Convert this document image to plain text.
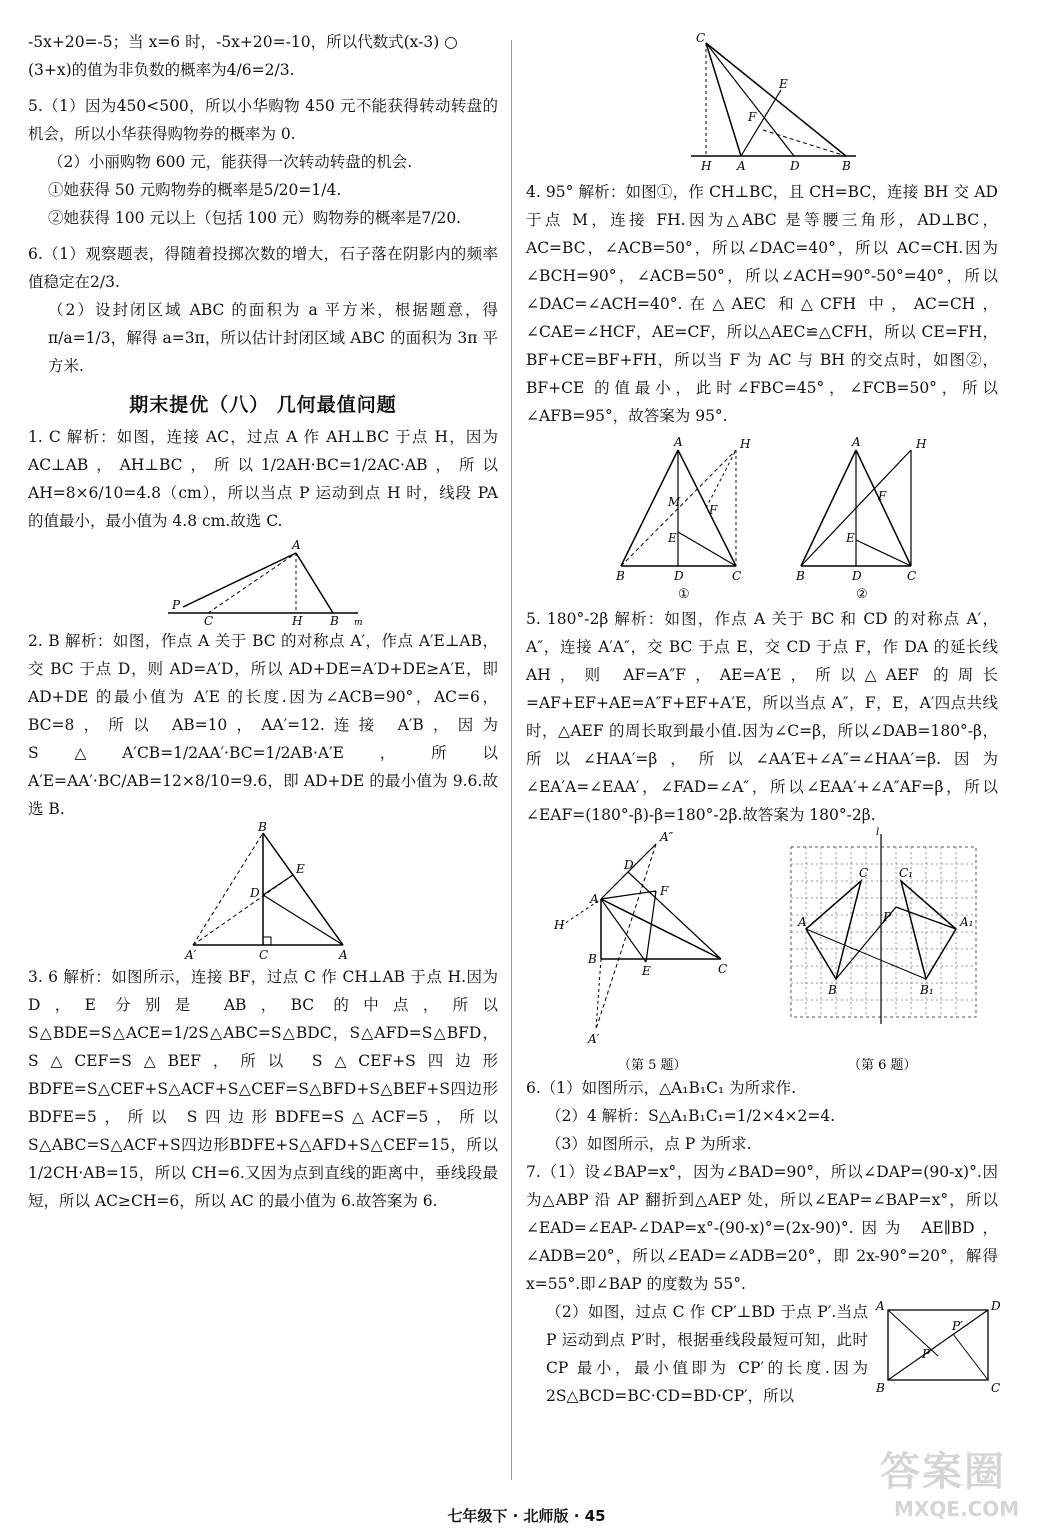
-5x+20=-5；当 x=6 时，-5x+20=-10，所以代数式(x-3) ○

(3+x)的值为非负数的概率为4/6=2/3.

5.（1）因为450<500，所以小华购物 450 元不能获得转动转盘的机会，所以小华获得购物券的概率为 0.

（2）小丽购物 600 元，能获得一次转动转盘的机会.

①她获得 50 元购物券的概率是5/20=1/4.

②她获得 100 元以上（包括 100 元）购物券的概率是7/20.

6.（1）观察题表，得随着投掷次数的增大，石子落在阴影内的频率值稳定在2/3.

（2）设封闭区域 ABC 的面积为 a 平方米，根据题意，得π/a=1/3，解得 a=3π，所以估计封闭区域 ABC 的面积为 3π 平方米.

期末提优（八） 几何最值问题

1. C 解析：如图，连接 AC，过点 A 作 AH⊥BC 于点 H，因为 AC⊥AB，AH⊥BC，所以1/2AH·BC=1/2AC·AB，所以 AH=8×6/10=4.8（cm），所以当点 P 运动到点 H 时，线段 PA 的值最小，最小值为 4.8 cm.故选 C.

A
P
C	H B m

2. B 解析：如图，作点 A 关于 BC 的对称点 A′，作点 A′E⊥AB，交 BC 于点 D，则 AD=A′D，所以 AD+DE=A′D+DE≥A′E，即 AD+DE 的最小值为 A′E 的长度.因为∠ACB=90°，AC=6，BC=8，所以 AB=10，AA′=12.连接 A′B，因为 S△A′CB=1/2AA′·BC=1/2AB·A′E，所以 A′E=AA′·BC/AB=12×8/10=9.6，即 AD+DE 的最小值为 9.6.故选 B.

B
E
D
A′	C	A

3. 6 解析：如图所示，连接 BF，过点 C 作 CH⊥AB 于点 H.因为 D，E 分别是 AB，BC 的中点，所以 S△BDE=S△ACE=1/2S△ABC=S△BDC，S△AFD=S△BFD，S△CEF=S△BEF，所以 S△CEF+S四边形BDFE=S△CEF+S△ACF+S△CEF=S△BFD+S△BEF+S四边形BDFE=5，所以 S四边形BDFE=S△ACF=5，所以 S△ABC=S△ACF+S四边形BDFE+S△AFD+S△CEF=15，所以1/2CH·AB=15，所以 CH=6.又因为点到直线的距离中，垂线段最短，所以 AC≥CH=6，所以 AC 的最小值为 6.故答案为 6.

C
E
F
H A	D	B

4. 95° 解析：如图①，作 CH⊥BC，且 CH=BC，连接 BH 交 AD 于点 M，连接 FH.因为△ABC 是等腰三角形，AD⊥BC，AC=BC，∠ACB=50°，所以∠DAC=40°，所以 AC=CH.因为∠BCH=90°，∠ACB=50°，所以∠ACH=90°-50°=40°，所以∠DAC=∠ACH=40°.在△AEC 和△CFH 中，AC=CH，∠CAE=∠HCF，AE=CF，所以△AEC≌△CFH，所以 CE=FH，BF+CE=BF+FH，所以当 F 为 AC 与 BH 的交点时，如图②，BF+CE 的值最小，此时∠FBC=45°，∠FCB=50°，所以∠AFB=95°，故答案为 95°.

A	H
M
F
E
B	D	C
①
A	H
F
E
B	D	C
②

5. 180°-2β 解析：如图，作点 A 关于 BC 和 CD 的对称点 A′，A″，连接 A′A″，交 BC 于点 E，交 CD 于点 F，作 DA 的延长线 AH，则 AF=A″F，AE=A′E，所以△AEF 的周长=AF+EF+AE=A″F+EF+A′E，所以当点 A″，F，E，A′四点共线时，△AEF 的周长取到最小值.因为∠C=β，所以∠DAB=180°-β，所以∠HAA′=β，所以∠AA′E+∠A″=∠HAA′=β.因为∠EA′A=∠EAA′，∠FAD=∠A″，所以∠EAA′+∠A″AF=β，所以∠EAF=(180°-β)-β=180°-2β.故答案为 180°-2β.

A″
D
F
A
H
B
E	C
A′
（第 5 题）
l
A
C	C₁
P	A₁
B	B₁
（第 6 题）

6.（1）如图所示，△A₁B₁C₁ 为所求作.

（2）4 解析：S△A₁B₁C₁=1/2×4×2=4.

（3）如图所示，点 P 为所求.

7.（1）设∠BAP=x°，因为∠BAD=90°，所以∠DAP=(90-x)°.因为△ABP 沿 AP 翻折到△AEP 处，所以∠EAP=∠BAP=x°，所以∠EAD=∠EAP-∠DAP=x°-(90-x)°=(2x-90)°.因为 AE∥BD，∠ADB=20°，所以∠EAD=∠ADB=20°，即 2x-90°=20°，解得 x=55°.即∠BAP 的度数为 55°.

（2）如图，过点 C 作 CP′⊥BD 于点 P′.当点 P 运动到点 P′时，根据垂线段最短可知，此时 CP 最小，最小值即为 CP′的长度.因为 2S△BCD=BC·CD=BD·CP′，所以

A	D
B	C
P
P′
七年级下 · 北师版 · 45
答案圈
MXQE.COM
